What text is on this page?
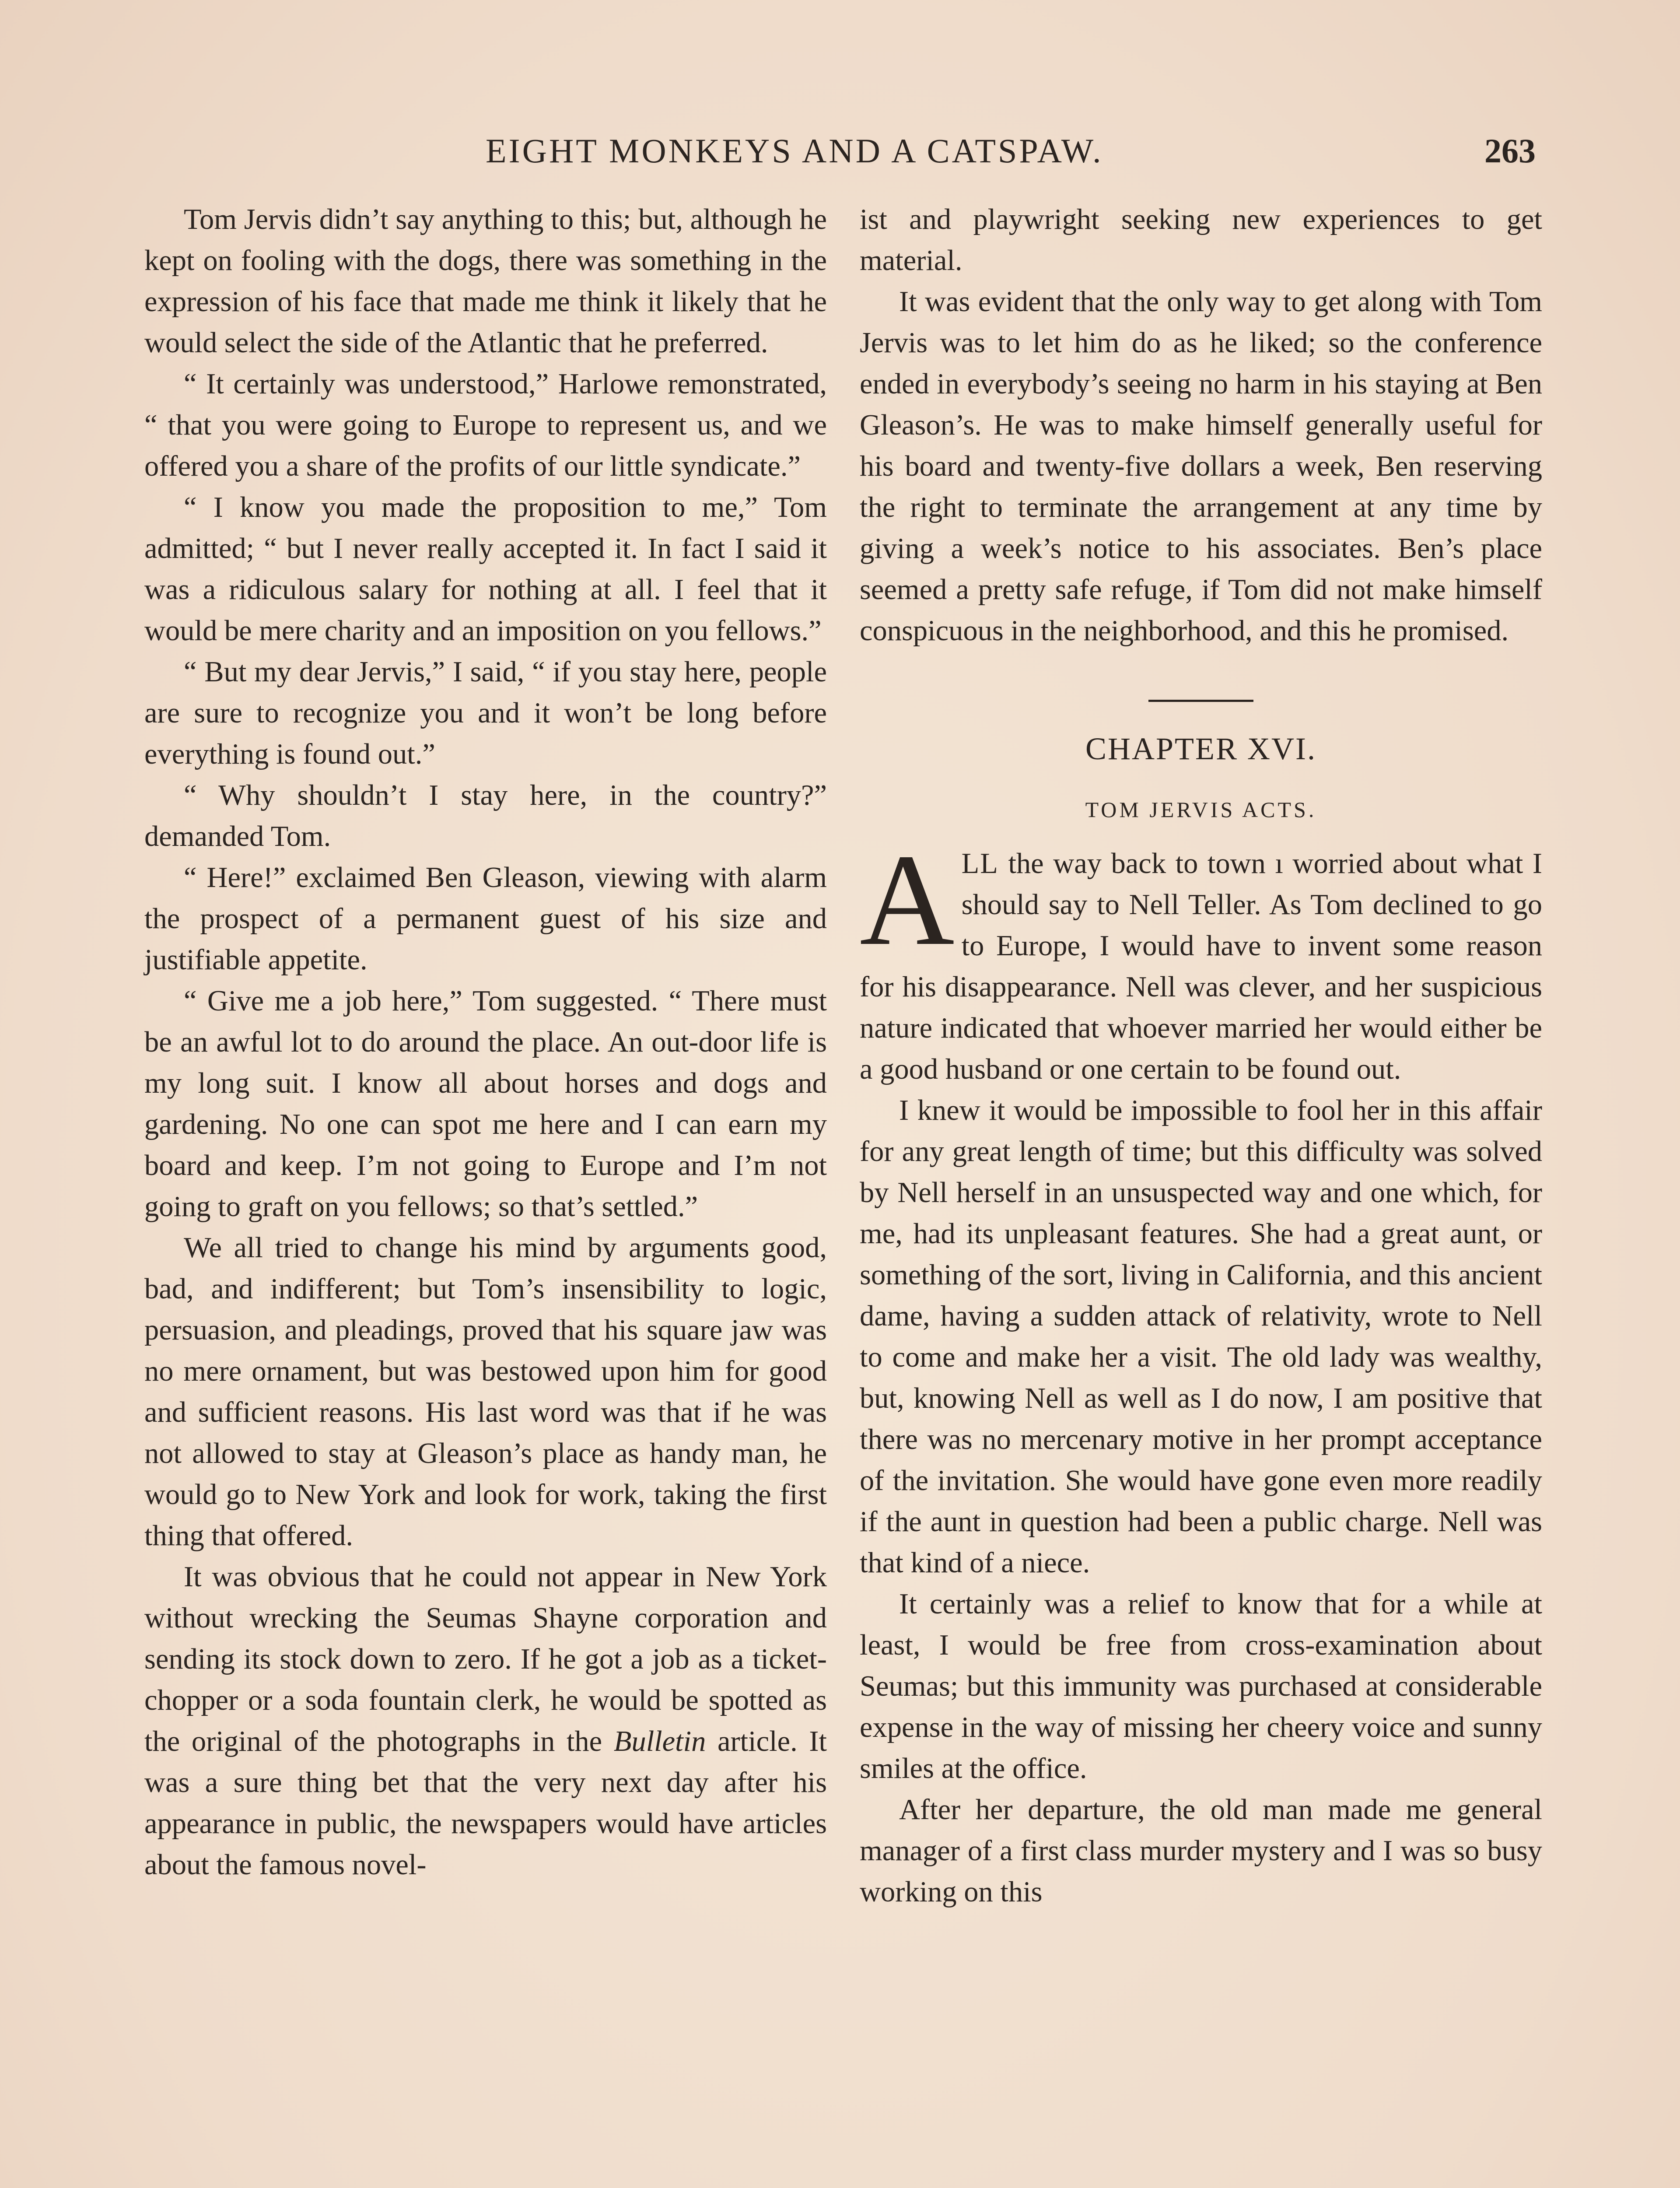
EIGHT MONKEYS AND A CATSPAW.	263

Tom Jervis didn’t say anything to this; but, although he kept on fooling with the dogs, there was something in the expression of his face that made me think it likely that he would select the side of the Atlantic that he preferred.

“ It certainly was understood,” Harlowe remonstrated, “ that you were going to Europe to represent us, and we offered you a share of the profits of our little syndicate.”

“ I know you made the proposition to me,” Tom admitted; “ but I never really accepted it. In fact I said it was a ridiculous salary for nothing at all. I feel that it would be mere charity and an imposition on you fellows.”

“ But my dear Jervis,” I said, “ if you stay here, people are sure to recognize you and it won’t be long before everything is found out.”

“ Why shouldn’t I stay here, in the country?” demanded Tom.

“ Here!” exclaimed Ben Gleason, viewing with alarm the prospect of a permanent guest of his size and justifiable appetite.

“ Give me a job here,” Tom suggested. “ There must be an awful lot to do around the place. An out-door life is my long suit. I know all about horses and dogs and gardening. No one can spot me here and I can earn my board and keep. I’m not going to Europe and I’m not going to graft on you fellows; so that’s settled.”

We all tried to change his mind by arguments good, bad, and indifferent; but Tom’s insensibility to logic, persuasion, and pleadings, proved that his square jaw was no mere ornament, but was bestowed upon him for good and sufficient reasons. His last word was that if he was not allowed to stay at Gleason’s place as handy man, he would go to New York and look for work, taking the first thing that offered.

It was obvious that he could not appear in New York without wrecking the Seumas Shayne corporation and sending its stock down to zero. If he got a job as a ticket-chopper or a soda fountain clerk, he would be spotted as the original of the photographs in the Bulletin article. It was a sure thing bet that the very next day after his appearance in public, the newspapers would have articles about the famous novel-

ist and playwright seeking new experiences to get material.

It was evident that the only way to get along with Tom Jervis was to let him do as he liked; so the conference ended in everybody’s seeing no harm in his staying at Ben Gleason’s. He was to make himself generally useful for his board and twenty-five dollars a week, Ben reserving the right to terminate the arrangement at any time by giving a week’s notice to his associates. Ben’s place seemed a pretty safe refuge, if Tom did not make himself conspicuous in the neighborhood, and this he promised.

CHAPTER XVI.
TOM JERVIS ACTS.

ALL the way back to town ı worried about what I should say to Nell Teller. As Tom declined to go to Europe, I would have to invent some reason for his disappearance. Nell was clever, and her suspicious nature indicated that whoever married her would either be a good husband or one certain to be found out.

I knew it would be impossible to fool her in this affair for any great length of time; but this difficulty was solved by Nell herself in an unsuspected way and one which, for me, had its unpleasant features. She had a great aunt, or something of the sort, living in California, and this ancient dame, having a sudden attack of relativity, wrote to Nell to come and make her a visit. The old lady was wealthy, but, knowing Nell as well as I do now, I am positive that there was no mercenary motive in her prompt acceptance of the invitation. She would have gone even more readily if the aunt in question had been a public charge. Nell was that kind of a niece.

It certainly was a relief to know that for a while at least, I would be free from cross-examination about Seumas; but this immunity was purchased at considerable expense in the way of missing her cheery voice and sunny smiles at the office.

After her departure, the old man made me general manager of a first class murder mystery and I was so busy working on this
